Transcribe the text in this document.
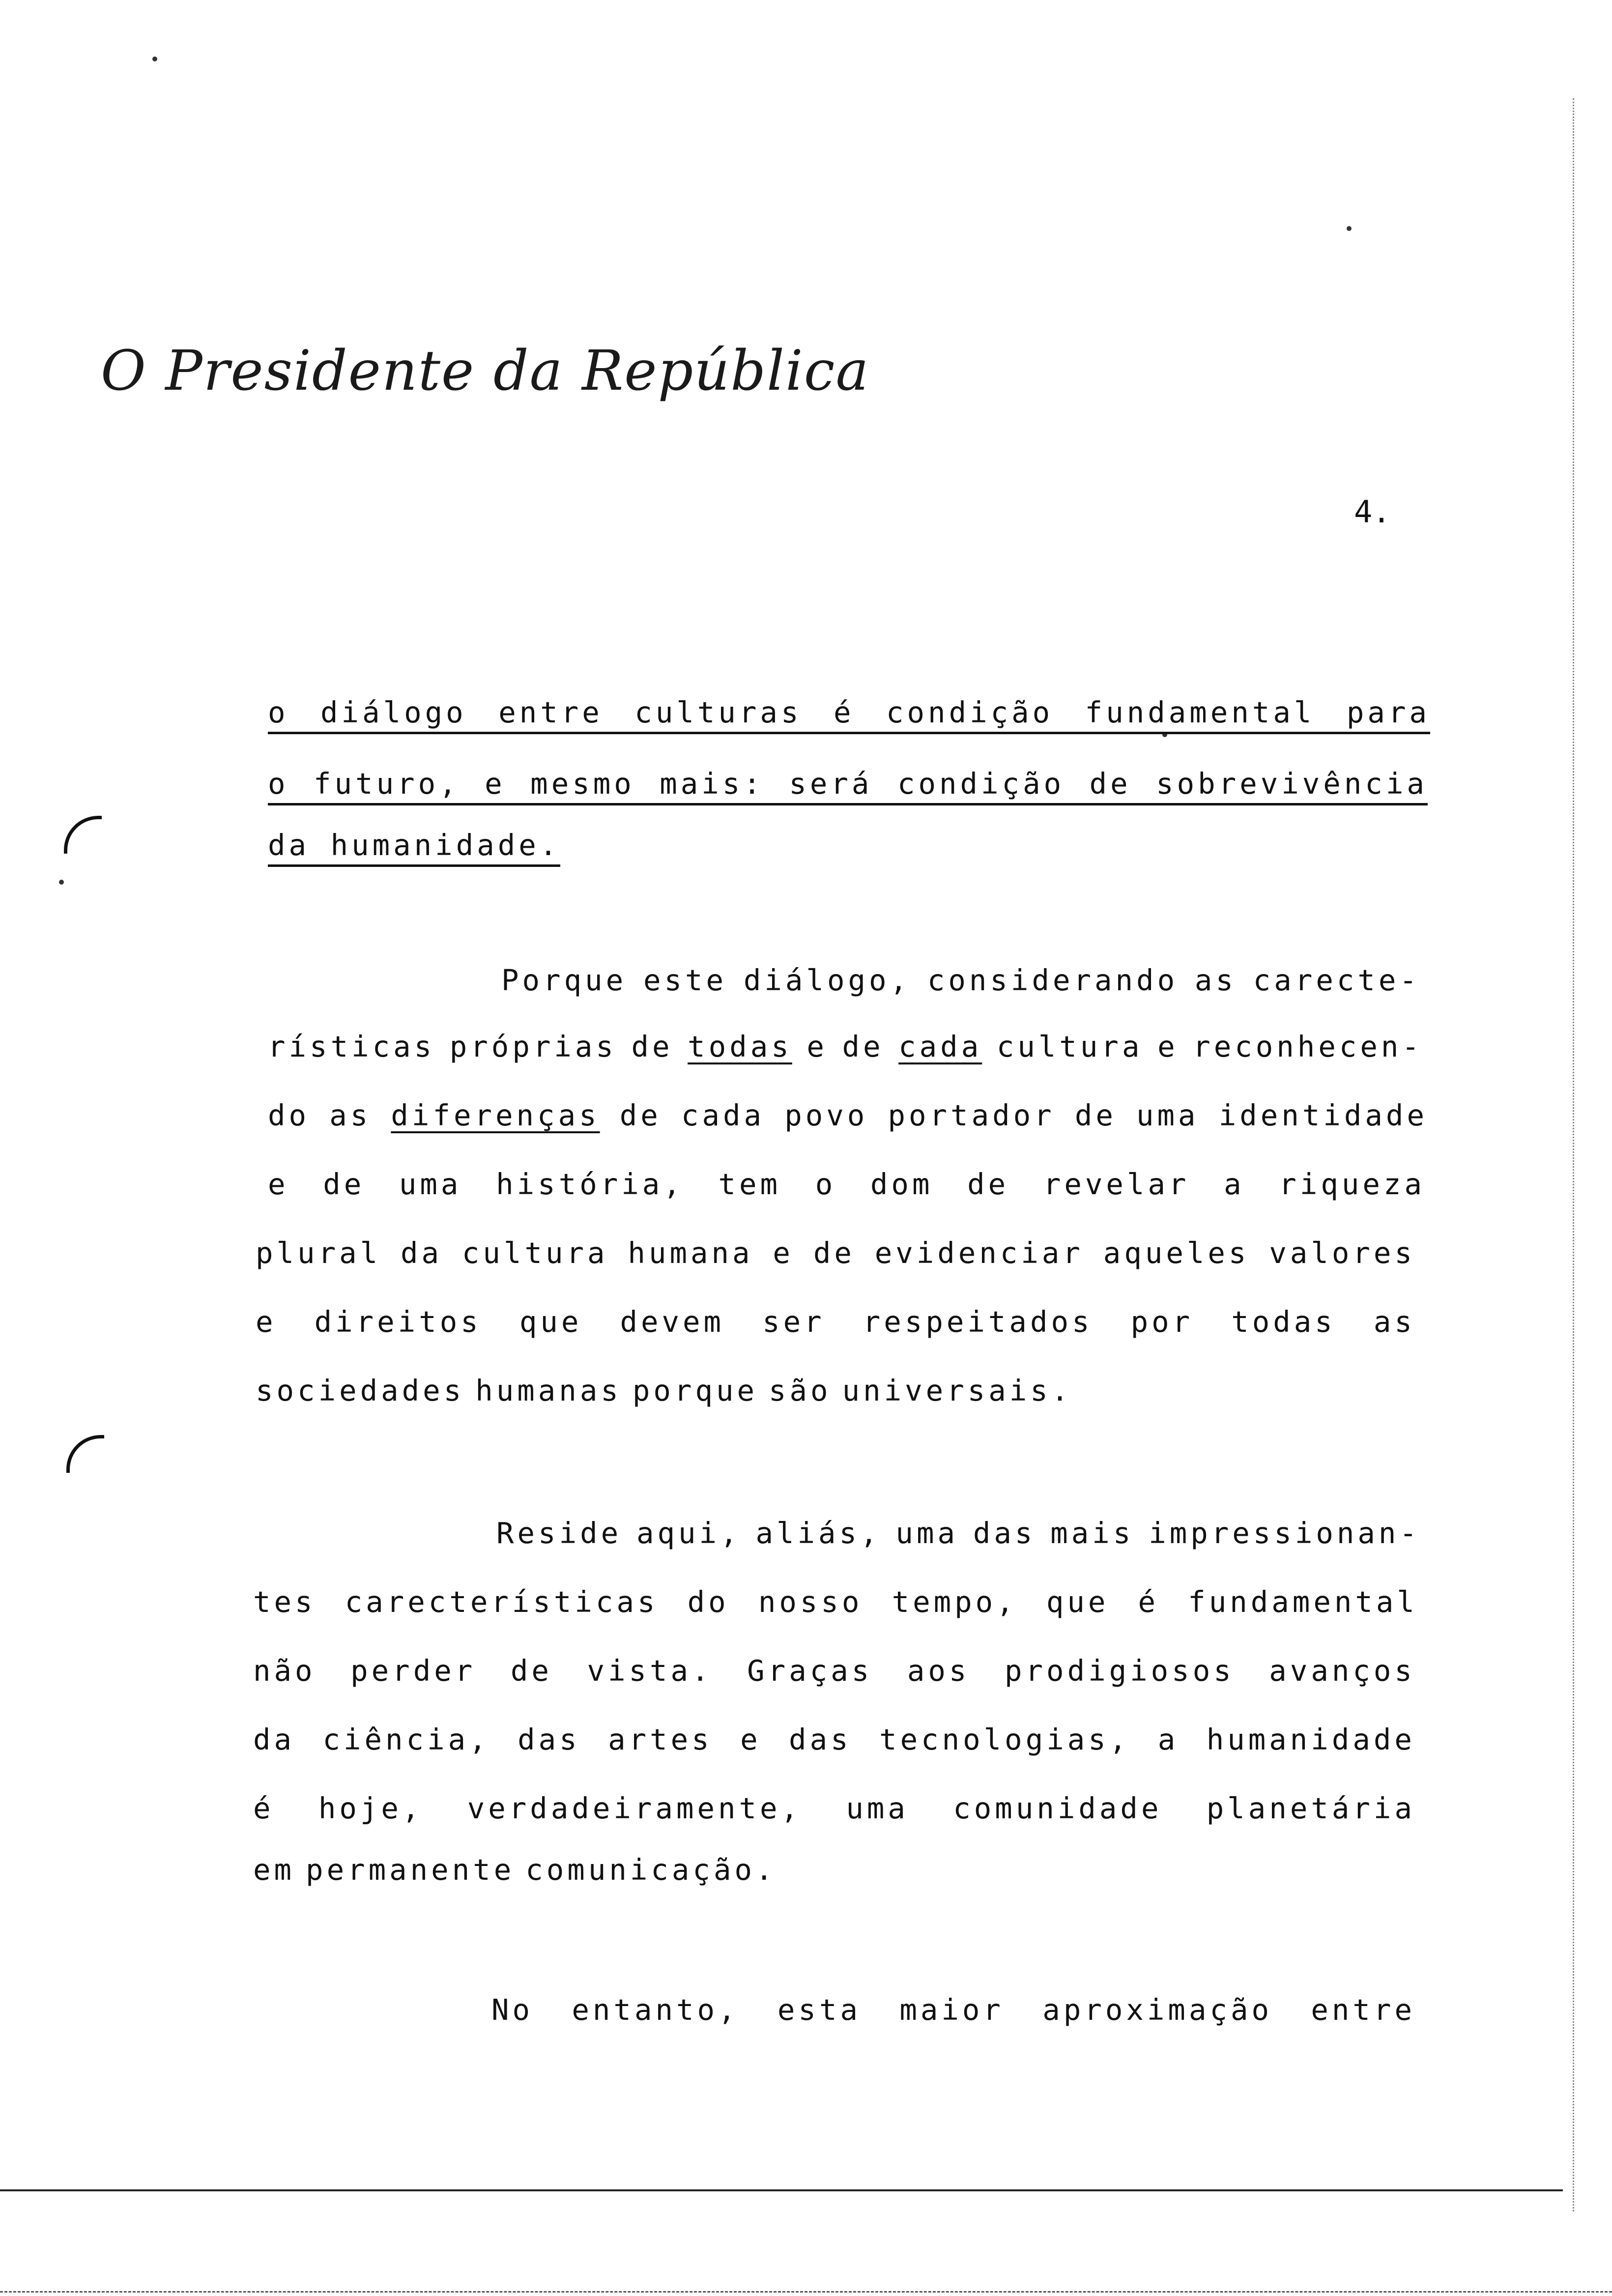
O Presidente da República
4.
o diálogo entre culturas é condição fundamental para
o futuro, e mesmo mais: será condição de sobrevivência
da humanidade.
Porque este diálogo, considerando as carecte-
rísticas próprias de todas e de cada cultura e reconhecen-
do as diferenças de cada povo portador de uma identidade
e de uma história, tem o dom de revelar a riqueza
plural da cultura humana e de evidenciar aqueles valores
e direitos que devem ser respeitados por todas as
sociedades humanas porque são universais.
Reside aqui, aliás, uma das mais impressionan-
tes carecterísticas do nosso tempo, que é fundamental
não perder de vista. Graças aos prodigiosos avanços
da ciência, das artes e das tecnologias, a humanidade
é hoje, verdadeiramente, uma comunidade planetária
em permanente comunicação.
No entanto, esta maior aproximação entre
